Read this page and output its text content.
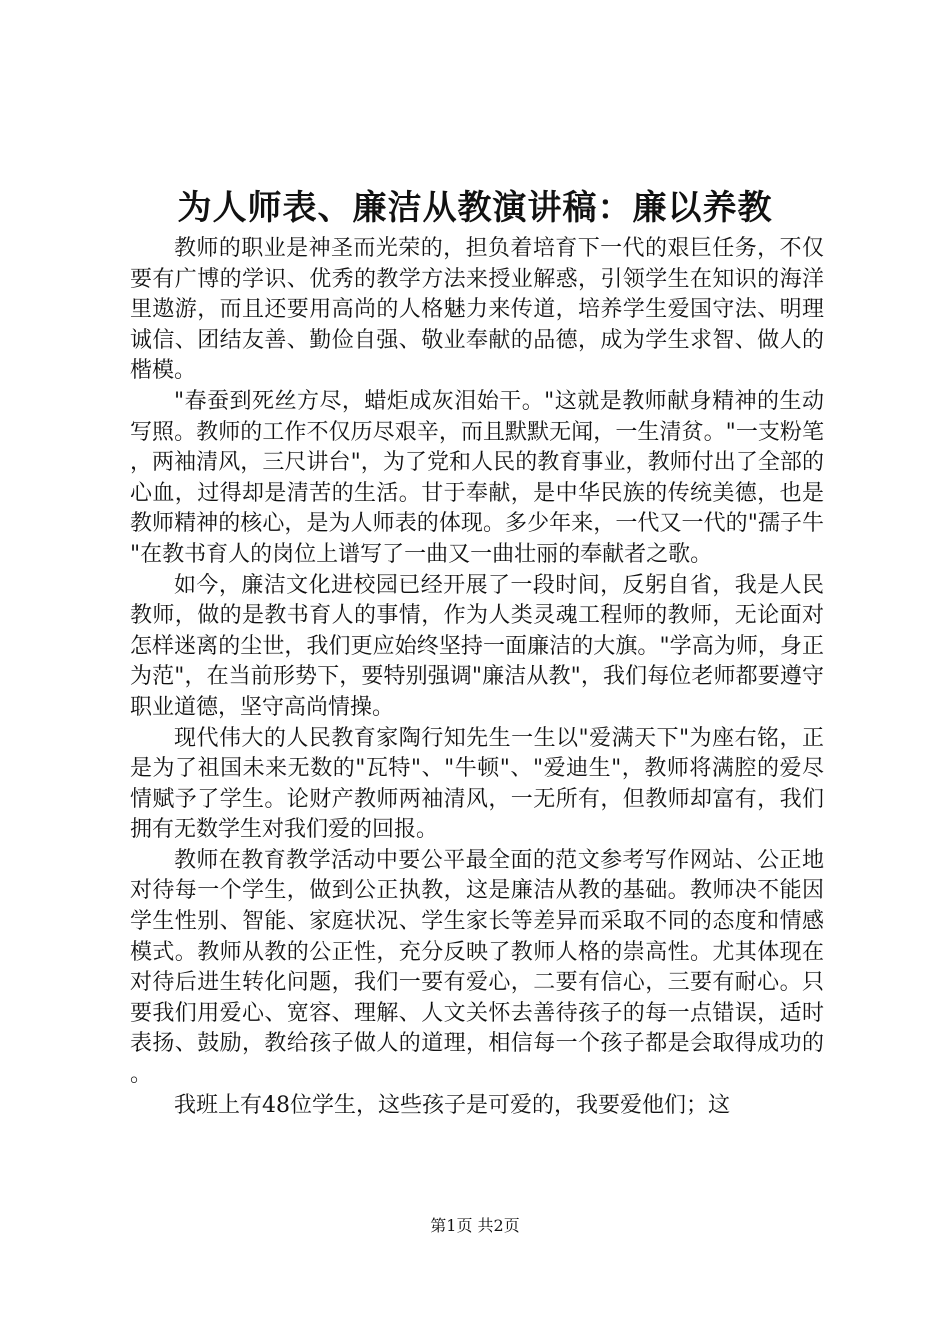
为人师表、廉洁从教演讲稿：廉以养教

教师的职业是神圣而光荣的，担负着培育下一代的艰巨任务，不仅要有广博的学识、优秀的教学方法来授业解惑，引领学生在知识的海洋里遨游，而且还要用高尚的人格魅力来传道，培养学生爱国守法、明理诚信、团结友善、勤俭自强、敬业奉献的品德，成为学生求智、做人的楷模。

"春蚕到死丝方尽，蜡炬成灰泪始干。"这就是教师献身精神的生动写照。教师的工作不仅历尽艰辛，而且默默无闻，一生清贫。"一支粉笔，两袖清风，三尺讲台"，为了党和人民的教育事业，教师付出了全部的心血，过得却是清苦的生活。甘于奉献，是中华民族的传统美德，也是教师精神的核心，是为人师表的体现。多少年来，一代又一代的"孺子牛"在教书育人的岗位上谱写了一曲又一曲壮丽的奉献者之歌。

如今，廉洁文化进校园已经开展了一段时间，反躬自省，我是人民教师，做的是教书育人的事情，作为人类灵魂工程师的教师，无论面对怎样迷离的尘世，我们更应始终坚持一面廉洁的大旗。"学高为师，身正为范"，在当前形势下，要特别强调"廉洁从教"，我们每位老师都要遵守职业道德，坚守高尚情操。

现代伟大的人民教育家陶行知先生一生以"爱满天下"为座右铭，正是为了祖国未来无数的"瓦特"、"牛顿"、"爱迪生"，教师将满腔的爱尽情赋予了学生。论财产教师两袖清风，一无所有，但教师却富有，我们拥有无数学生对我们爱的回报。

教师在教育教学活动中要公平最全面的范文参考写作网站、公正地对待每一个学生，做到公正执教，这是廉洁从教的基础。教师决不能因学生性别、智能、家庭状况、学生家长等差异而采取不同的态度和情感模式。教师从教的公正性，充分反映了教师人格的崇高性。尤其体现在对待后进生转化问题，我们一要有爱心，二要有信心，三要有耐心。只要我们用爱心、宽容、理解、人文关怀去善待孩子的每一点错误，适时表扬、鼓励，教给孩子做人的道理，相信每一个孩子都是会取得成功的。

我班上有48位学生，这些孩子是可爱的，我要爱他们；这

第1页 共2页
